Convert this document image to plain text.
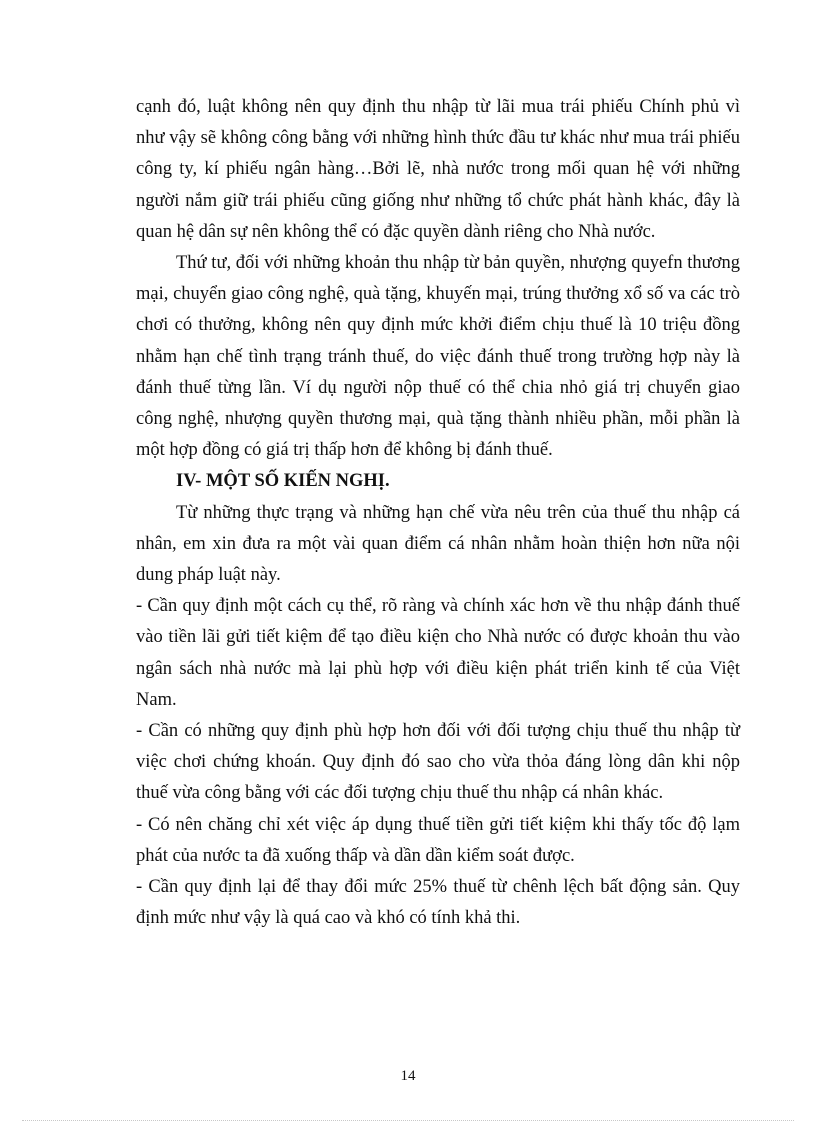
cạnh đó, luật không nên quy định thu nhập từ lãi mua trái phiếu Chính phủ vì như vậy sẽ không công bằng với những hình thức đầu tư khác như mua trái phiếu công ty, kí phiếu ngân hàng…Bởi lẽ, nhà nước trong mối quan hệ với những người nắm giữ trái phiếu cũng giống như những tổ chức phát hành khác, đây là quan hệ dân sự nên không thể có đặc quyền dành riêng cho Nhà nước.

Thứ tư, đối với những khoản thu nhập từ bản quyền, nhượng quyefn thương mại, chuyển giao công nghệ, quà tặng, khuyến mại, trúng thưởng xổ số va các trò chơi có thưởng, không nên quy định mức khởi điểm chịu thuế là 10 triệu đồng nhằm hạn chế tình trạng tránh thuế, do việc đánh thuế trong trường hợp này là đánh thuế từng lần. Ví dụ người nộp thuế có thể chia nhỏ giá trị chuyển giao công nghệ, nhượng quyền thương mại, quà tặng thành nhiều phần, mỗi phần là một hợp đồng có giá trị thấp hơn để không bị đánh thuế.

IV- MỘT SỐ KIẾN NGHỊ.

Từ những thực trạng và những hạn chế vừa nêu trên của thuế thu nhập cá nhân, em xin đưa ra một vài quan điểm cá nhân nhằm hoàn thiện hơn nữa nội dung pháp luật này.

- Cần quy định một cách cụ thể, rõ ràng và chính xác hơn về thu nhập đánh thuế vào tiền lãi gửi tiết kiệm để tạo điều kiện cho Nhà nước có được khoản thu vào ngân sách nhà nước mà lại phù hợp với điều kiện phát triển kinh tế của Việt Nam.

- Cần có những quy định phù hợp hơn đối với đối tượng chịu thuế thu nhập từ việc chơi chứng khoán. Quy định đó sao cho vừa thỏa đáng lòng dân khi nộp thuế vừa công bằng với các đối tượng chịu thuế thu nhập cá nhân khác.

- Có nên chăng chỉ xét việc áp dụng thuế tiền gửi tiết kiệm khi thấy tốc độ lạm phát của nước ta đã xuống thấp và dần dần kiểm soát được.

- Cần quy định lại để thay đổi mức 25% thuế từ chênh lệch bất động sản. Quy định mức như vậy là quá cao và khó có tính khả thi.

14
